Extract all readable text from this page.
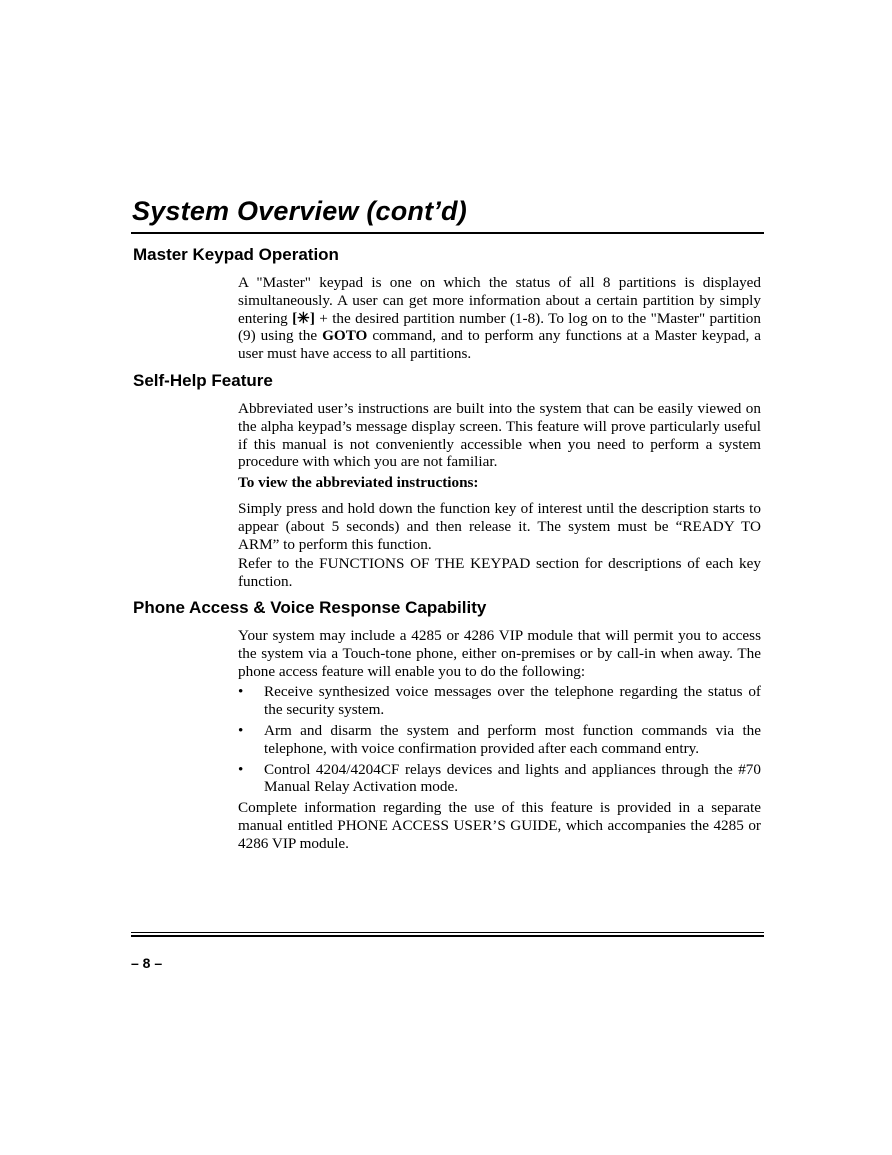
System Overview (cont’d)
Master Keypad Operation

A "Master" keypad is one on which the status of all 8 partitions is displayed simultaneously. A user can get more information about a certain partition by simply entering [✳] + the desired partition number (1-8). To log on to the "Master" partition (9) using the GOTO command, and to perform any functions at a Master keypad, a user must have access to all partitions.

Self-Help Feature

Abbreviated user’s instructions are built into the system that can be easily viewed on the alpha keypad’s message display screen. This feature will prove particularly useful if this manual is not conveniently accessible when you need to perform a system procedure with which you are not familiar.

To view the abbreviated instructions:

Simply press and hold down the function key of interest until the description starts to appear (about 5 seconds) and then release it. The system must be “READY TO ARM” to perform this function.

Refer to the FUNCTIONS OF THE KEYPAD section for descriptions of each key function.

Phone Access & Voice Response Capability

Your system may include a 4285 or 4286 VIP module that will permit you to access the system via a Touch-tone phone, either on-premises or by call-in when away. The phone access feature will enable you to do the following:

• Receive synthesized voice messages over the telephone regarding the status of the security system.
• Arm and disarm the system and perform most function commands via the telephone, with voice confirmation provided after each command entry.
• Control 4204/4204CF relays devices and lights and appliances through the #70 Manual Relay Activation mode.

Complete information regarding the use of this feature is provided in a separate manual entitled PHONE ACCESS USER’S GUIDE, which accompanies the 4285 or 4286 VIP module.

– 8 –
